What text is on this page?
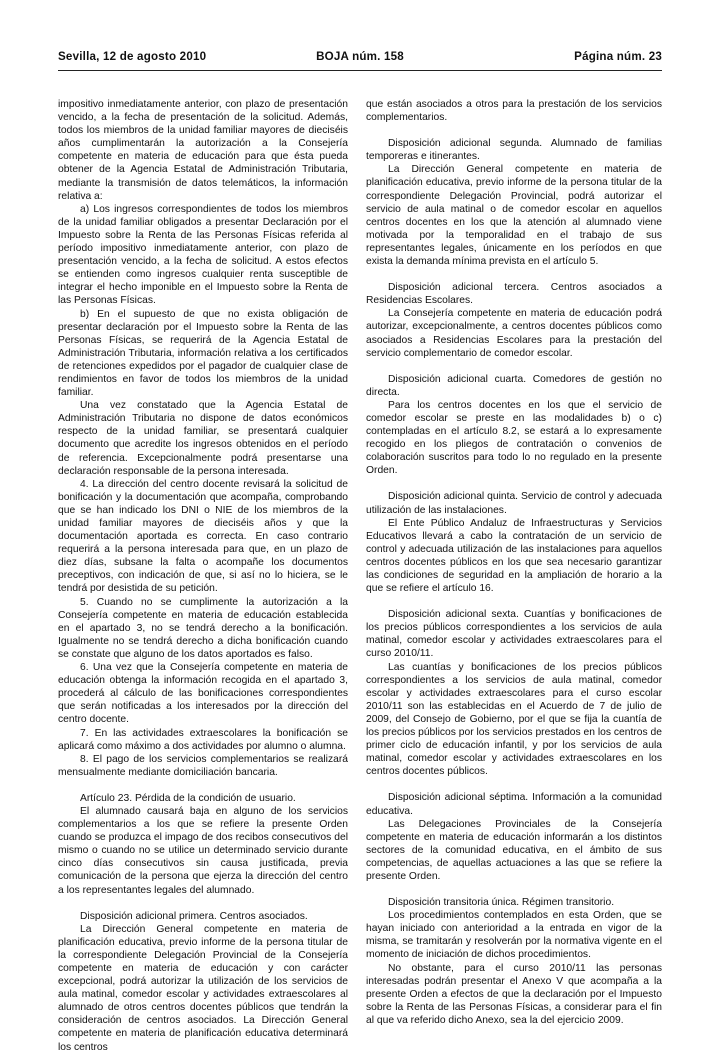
Sevilla, 12 de agosto 2010	BOJA núm. 158	Página núm. 23

impositivo inmediatamente anterior, con plazo de presentación vencido, a la fecha de presentación de la solicitud. Además, todos los miembros de la unidad familiar mayores de dieciséis años cumplimentarán la autorización a la Consejería competente en materia de educación para que ésta pueda obtener de la Agencia Estatal de Administración Tributaria, mediante la transmisión de datos telemáticos, la información relativa a:

a) Los ingresos correspondientes de todos los miembros de la unidad familiar obligados a presentar Declaración por el Impuesto sobre la Renta de las Personas Físicas referida al período impositivo inmediatamente anterior, con plazo de presentación vencido, a la fecha de solicitud. A estos efectos se entienden como ingresos cualquier renta susceptible de integrar el hecho imponible en el Impuesto sobre la Renta de las Personas Físicas.

b) En el supuesto de que no exista obligación de presentar declaración por el Impuesto sobre la Renta de las Personas Físicas, se requerirá de la Agencia Estatal de Administración Tributaria, información relativa a los certificados de retenciones expedidos por el pagador de cualquier clase de rendimientos en favor de todos los miembros de la unidad familiar.

Una vez constatado que la Agencia Estatal de Administración Tributaria no dispone de datos económicos respecto de la unidad familiar, se presentará cualquier documento que acredite los ingresos obtenidos en el período de referencia. Excepcionalmente podrá presentarse una declaración responsable de la persona interesada.

4. La dirección del centro docente revisará la solicitud de bonificación y la documentación que acompaña, comprobando que se han indicado los DNI o NIE de los miembros de la unidad familiar mayores de dieciséis años y que la documentación aportada es correcta. En caso contrario requerirá a la persona interesada para que, en un plazo de diez días, subsane la falta o acompañe los documentos preceptivos, con indicación de que, si así no lo hiciera, se le tendrá por desistida de su petición.

5. Cuando no se cumplimente la autorización a la Consejería competente en materia de educación establecida en el apartado 3, no se tendrá derecho a la bonificación. Igualmente no se tendrá derecho a dicha bonificación cuando se constate que alguno de los datos aportados es falso.

6. Una vez que la Consejería competente en materia de educación obtenga la información recogida en el apartado 3, procederá al cálculo de las bonificaciones correspondientes que serán notificadas a los interesados por la dirección del centro docente.

7. En las actividades extraescolares la bonificación se aplicará como máximo a dos actividades por alumno o alumna.

8. El pago de los servicios complementarios se realizará mensualmente mediante domiciliación bancaria.

Artículo 23. Pérdida de la condición de usuario.

El alumnado causará baja en alguno de los servicios complementarios a los que se refiere la presente Orden cuando se produzca el impago de dos recibos consecutivos del mismo o cuando no se utilice un determinado servicio durante cinco días consecutivos sin causa justificada, previa comunicación de la persona que ejerza la dirección del centro a los representantes legales del alumnado.

Disposición adicional primera. Centros asociados.

La Dirección General competente en materia de planificación educativa, previo informe de la persona titular de la correspondiente Delegación Provincial de la Consejería competente en materia de educación y con carácter excepcional, podrá autorizar la utilización de los servicios de aula matinal, comedor escolar y actividades extraescolares al alumnado de otros centros docentes públicos que tendrán la consideración de centros asociados. La Dirección General competente en materia de planificación educativa determinará los centros

que están asociados a otros para la prestación de los servicios complementarios.

Disposición adicional segunda. Alumnado de familias temporeras e itinerantes.

La Dirección General competente en materia de planificación educativa, previo informe de la persona titular de la correspondiente Delegación Provincial, podrá autorizar el servicio de aula matinal o de comedor escolar en aquellos centros docentes en los que la atención al alumnado viene motivada por la temporalidad en el trabajo de sus representantes legales, únicamente en los períodos en que exista la demanda mínima prevista en el artículo 5.

Disposición adicional tercera. Centros asociados a Residencias Escolares.

La Consejería competente en materia de educación podrá autorizar, excepcionalmente, a centros docentes públicos como asociados a Residencias Escolares para la prestación del servicio complementario de comedor escolar.

Disposición adicional cuarta. Comedores de gestión no directa.

Para los centros docentes en los que el servicio de comedor escolar se preste en las modalidades b) o c) contempladas en el artículo 8.2, se estará a lo expresamente recogido en los pliegos de contratación o convenios de colaboración suscritos para todo lo no regulado en la presente Orden.

Disposición adicional quinta. Servicio de control y adecuada utilización de las instalaciones.

El Ente Público Andaluz de Infraestructuras y Servicios Educativos llevará a cabo la contratación de un servicio de control y adecuada utilización de las instalaciones para aquellos centros docentes públicos en los que sea necesario garantizar las condiciones de seguridad en la ampliación de horario a la que se refiere el artículo 16.

Disposición adicional sexta. Cuantías y bonificaciones de los precios públicos correspondientes a los servicios de aula matinal, comedor escolar y actividades extraescolares para el curso 2010/11.

Las cuantías y bonificaciones de los precios públicos correspondientes a los servicios de aula matinal, comedor escolar y actividades extraescolares para el curso escolar 2010/11 son las establecidas en el Acuerdo de 7 de julio de 2009, del Consejo de Gobierno, por el que se fija la cuantía de los precios públicos por los servicios prestados en los centros de primer ciclo de educación infantil, y por los servicios de aula matinal, comedor escolar y actividades extraescolares en los centros docentes públicos.

Disposición adicional séptima. Información a la comunidad educativa.

Las Delegaciones Provinciales de la Consejería competente en materia de educación informarán a los distintos sectores de la comunidad educativa, en el ámbito de sus competencias, de aquellas actuaciones a las que se refiere la presente Orden.

Disposición transitoria única. Régimen transitorio.

Los procedimientos contemplados en esta Orden, que se hayan iniciado con anterioridad a la entrada en vigor de la misma, se tramitarán y resolverán por la normativa vigente en el momento de iniciación de dichos procedimientos.

No obstante, para el curso 2010/11 las personas interesadas podrán presentar el Anexo V que acompaña a la presente Orden a efectos de que la declaración por el Impuesto sobre la Renta de las Personas Físicas, a considerar para el fin al que va referido dicho Anexo, sea la del ejercicio 2009.
